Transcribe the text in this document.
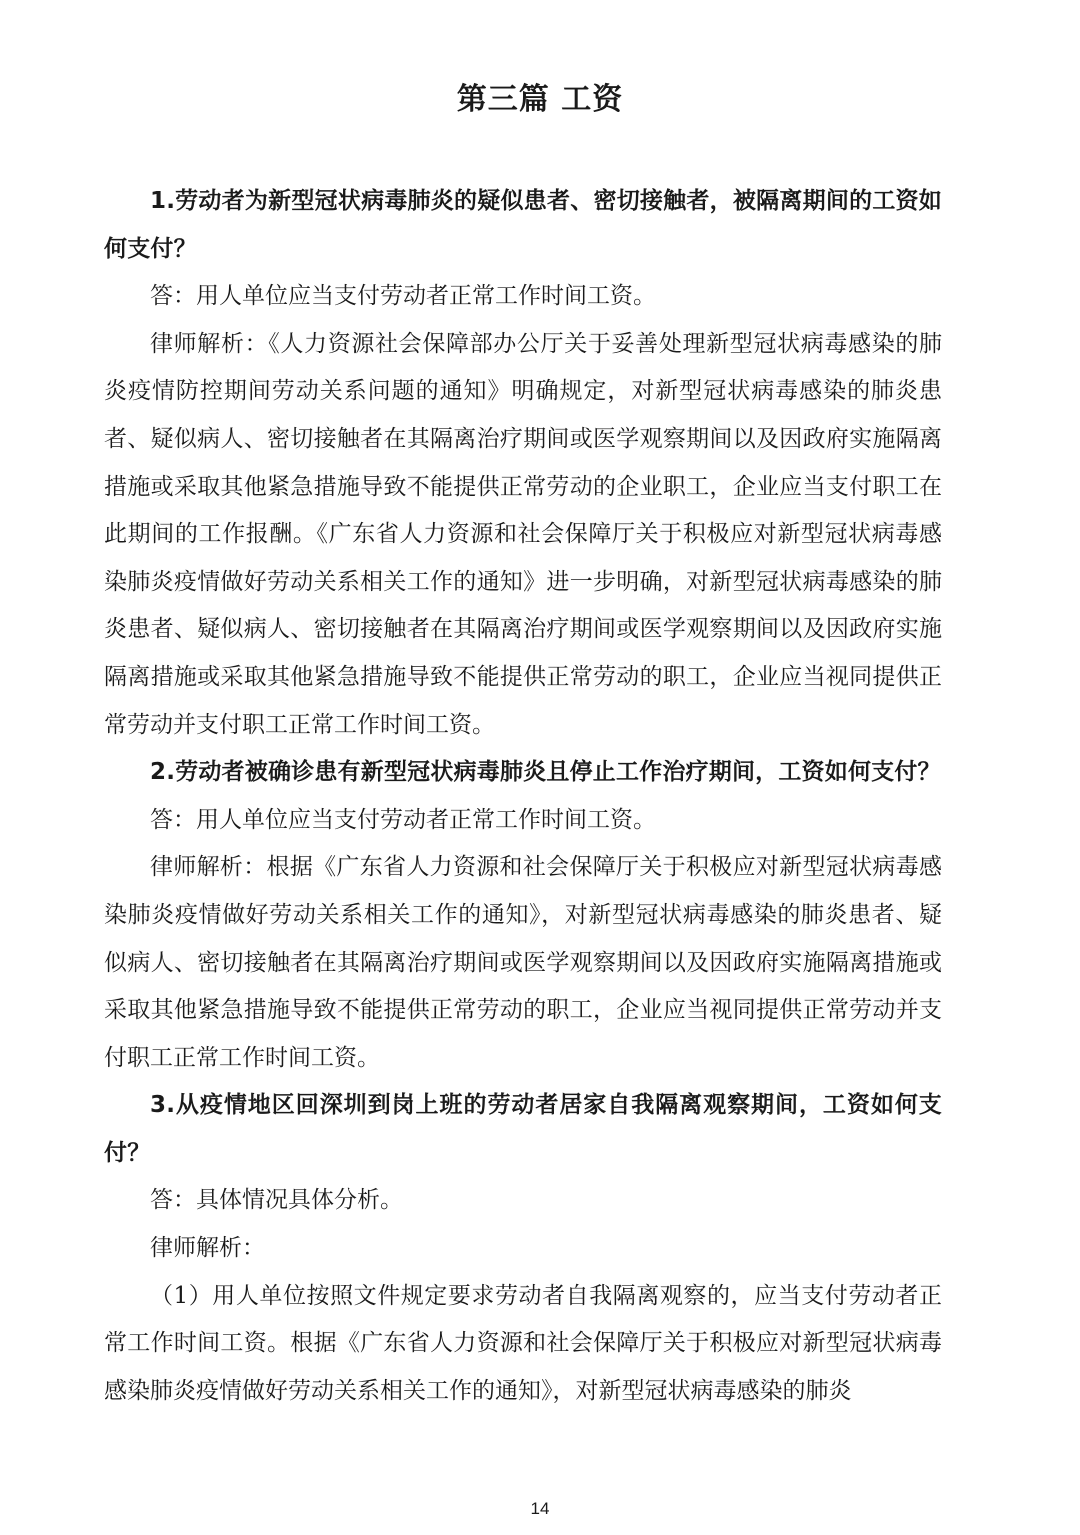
第三篇 工资

1.劳动者为新型冠状病毒肺炎的疑似患者、密切接触者，被隔离期间的工资如何支付？

答：用人单位应当支付劳动者正常工作时间工资。

律师解析：《人力资源社会保障部办公厅关于妥善处理新型冠状病毒感染的肺炎疫情防控期间劳动关系问题的通知》明确规定，对新型冠状病毒感染的肺炎患者、疑似病人、密切接触者在其隔离治疗期间或医学观察期间以及因政府实施隔离措施或采取其他紧急措施导致不能提供正常劳动的企业职工，企业应当支付职工在此期间的工作报酬。《广东省人力资源和社会保障厅关于积极应对新型冠状病毒感染肺炎疫情做好劳动关系相关工作的通知》进一步明确，对新型冠状病毒感染的肺炎患者、疑似病人、密切接触者在其隔离治疗期间或医学观察期间以及因政府实施隔离措施或采取其他紧急措施导致不能提供正常劳动的职工，企业应当视同提供正常劳动并支付职工正常工作时间工资。

2.劳动者被确诊患有新型冠状病毒肺炎且停止工作治疗期间，工资如何支付？

答：用人单位应当支付劳动者正常工作时间工资。

律师解析：根据《广东省人力资源和社会保障厅关于积极应对新型冠状病毒感染肺炎疫情做好劳动关系相关工作的通知》，对新型冠状病毒感染的肺炎患者、疑似病人、密切接触者在其隔离治疗期间或医学观察期间以及因政府实施隔离措施或采取其他紧急措施导致不能提供正常劳动的职工，企业应当视同提供正常劳动并支付职工正常工作时间工资。

3.从疫情地区回深圳到岗上班的劳动者居家自我隔离观察期间，工资如何支付？

答：具体情况具体分析。

律师解析：

（1）用人单位按照文件规定要求劳动者自我隔离观察的，应当支付劳动者正常工作时间工资。根据《广东省人力资源和社会保障厅关于积极应对新型冠状病毒感染肺炎疫情做好劳动关系相关工作的通知》，对新型冠状病毒感染的肺炎

14
